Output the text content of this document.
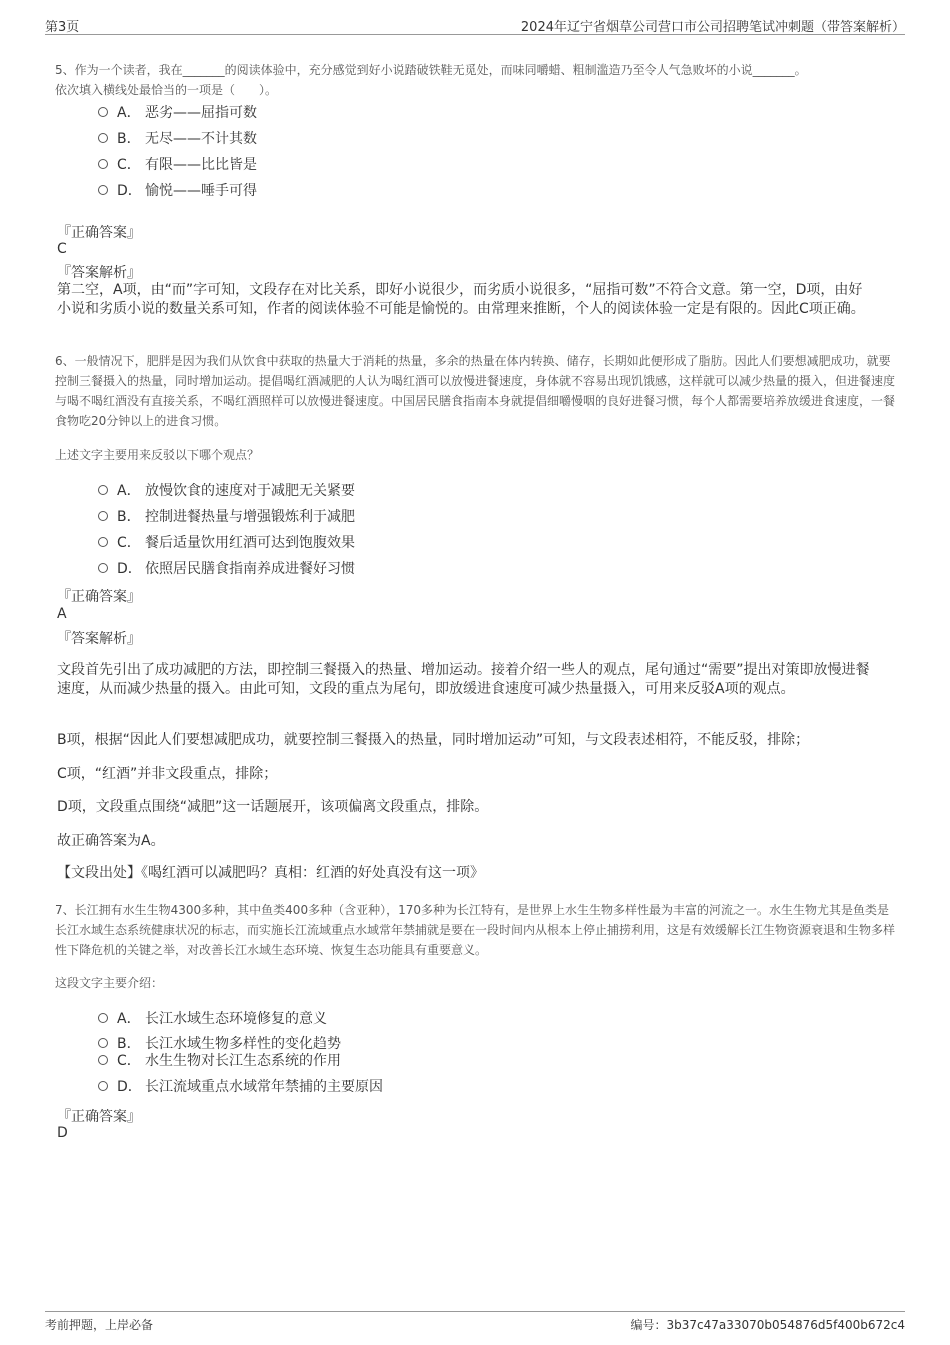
第3页	2024年辽宁省烟草公司营口市公司招聘笔试冲刺题（带答案解析）
5、作为一个读者，我在_______的阅读体验中，充分感觉到好小说踏破铁鞋无觅处，而味同嚼蜡、粗制滥造乃至令人气急败坏的小说_______。
依次填入横线处最恰当的一项是（　　）。
A． 恶劣——屈指可数
B． 无尽——不计其数
C． 有限——比比皆是
D． 愉悦——唾手可得
『正确答案』
C
『答案解析』
第二空，A项，由“而”字可知，文段存在对比关系，即好小说很少，而劣质小说很多，“屈指可数”不符合文意。第一空，D项，由好小说和劣质小说的数量关系可知，作者的阅读体验不可能是愉悦的。由常理来推断，个人的阅读体验一定是有限的。因此C项正确。
6、一般情况下，肥胖是因为我们从饮食中获取的热量大于消耗的热量，多余的热量在体内转换、储存，长期如此便形成了脂肪。因此人们要想减肥成功，就要控制三餐摄入的热量，同时增加运动。提倡喝红酒减肥的人认为喝红酒可以放慢进餐速度，身体就不容易出现饥饿感，这样就可以减少热量的摄入，但进餐速度与喝不喝红酒没有直接关系，不喝红酒照样可以放慢进餐速度。中国居民膳食指南本身就提倡细嚼慢咽的良好进餐习惯，每个人都需要培养放缓进食速度，一餐食物吃20分钟以上的进食习惯。
上述文字主要用来反驳以下哪个观点？
A． 放慢饮食的速度对于减肥无关紧要
B． 控制进餐热量与增强锻炼利于减肥
C． 餐后适量饮用红酒可达到饱腹效果
D． 依照居民膳食指南养成进餐好习惯
『正确答案』
A
『答案解析』
文段首先引出了成功减肥的方法，即控制三餐摄入的热量、增加运动。接着介绍一些人的观点，尾句通过“需要”提出对策即放慢进餐速度，从而减少热量的摄入。由此可知，文段的重点为尾句，即放缓进食速度可减少热量摄入，可用来反驳A项的观点。
B项，根据“因此人们要想减肥成功，就要控制三餐摄入的热量，同时增加运动”可知，与文段表述相符，不能反驳，排除；
C项，“红酒”并非文段重点，排除；
D项，文段重点围绕“减肥”这一话题展开，该项偏离文段重点，排除。
故正确答案为A。
【文段出处】《喝红酒可以减肥吗？真相：红酒的好处真没有这一项》
7、长江拥有水生生物4300多种，其中鱼类400多种（含亚种），170多种为长江特有，是世界上水生生物多样性最为丰富的河流之一。水生生物尤其是鱼类是长江水域生态系统健康状况的标志，而实施长江流域重点水域常年禁捕就是要在一段时间内从根本上停止捕捞利用，这是有效缓解长江生物资源衰退和生物多样性下降危机的关键之举，对改善长江水域生态环境、恢复生态功能具有重要意义。
这段文字主要介绍：
A． 长江水域生态环境修复的意义
B． 长江水域生物多样性的变化趋势
C． 水生生物对长江生态系统的作用
D． 长江流域重点水域常年禁捕的主要原因
『正确答案』
D
考前押题，上岸必备	编号：3b37c47a33070b054876d5f400b672c4
